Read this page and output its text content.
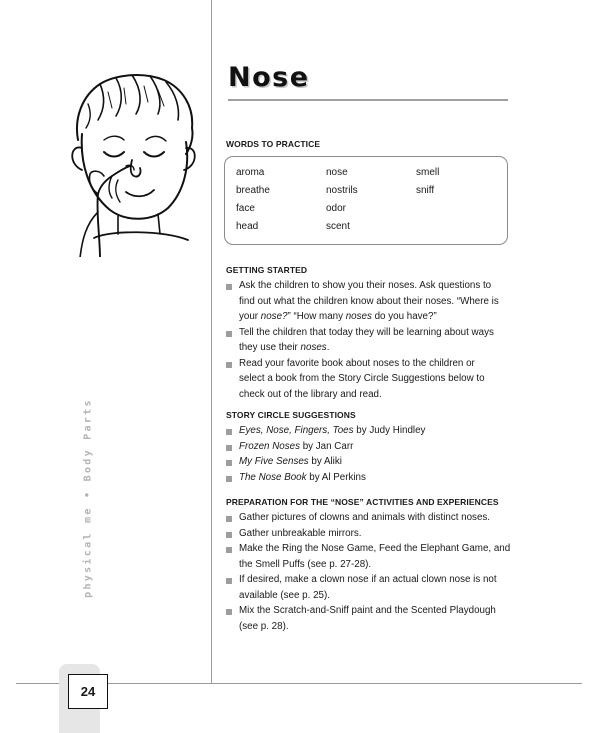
24
physical me • Body Parts
Nose
WORDS TO PRACTICE
aroma
breathe
face
head
nose
nostrils
odor
scent
smell
sniff
GETTING STARTED
Ask the children to show you their noses. Ask questions to
find out what the children know about their noses. “Where is
your nose?” “How many noses do you have?”
Tell the children that today they will be learning about ways
they use their noses.
Read your favorite book about noses to the children or
select a book from the Story Circle Suggestions below to
check out of the library and read.
STORY CIRCLE SUGGESTIONS
Eyes, Nose, Fingers, Toes by Judy Hindley
Frozen Noses by Jan Carr
My Five Senses by Aliki
The Nose Book by Al Perkins
PREPARATION FOR THE “NOSE” ACTIVITIES AND EXPERIENCES
Gather pictures of clowns and animals with distinct noses.
Gather unbreakable mirrors.
Make the Ring the Nose Game, Feed the Elephant Game, and
the Smell Puffs (see p. 27-28).
If desired, make a clown nose if an actual clown nose is not
available (see p. 25).
Mix the Scratch-and-Sniff paint and the Scented Playdough
(see p. 28).
